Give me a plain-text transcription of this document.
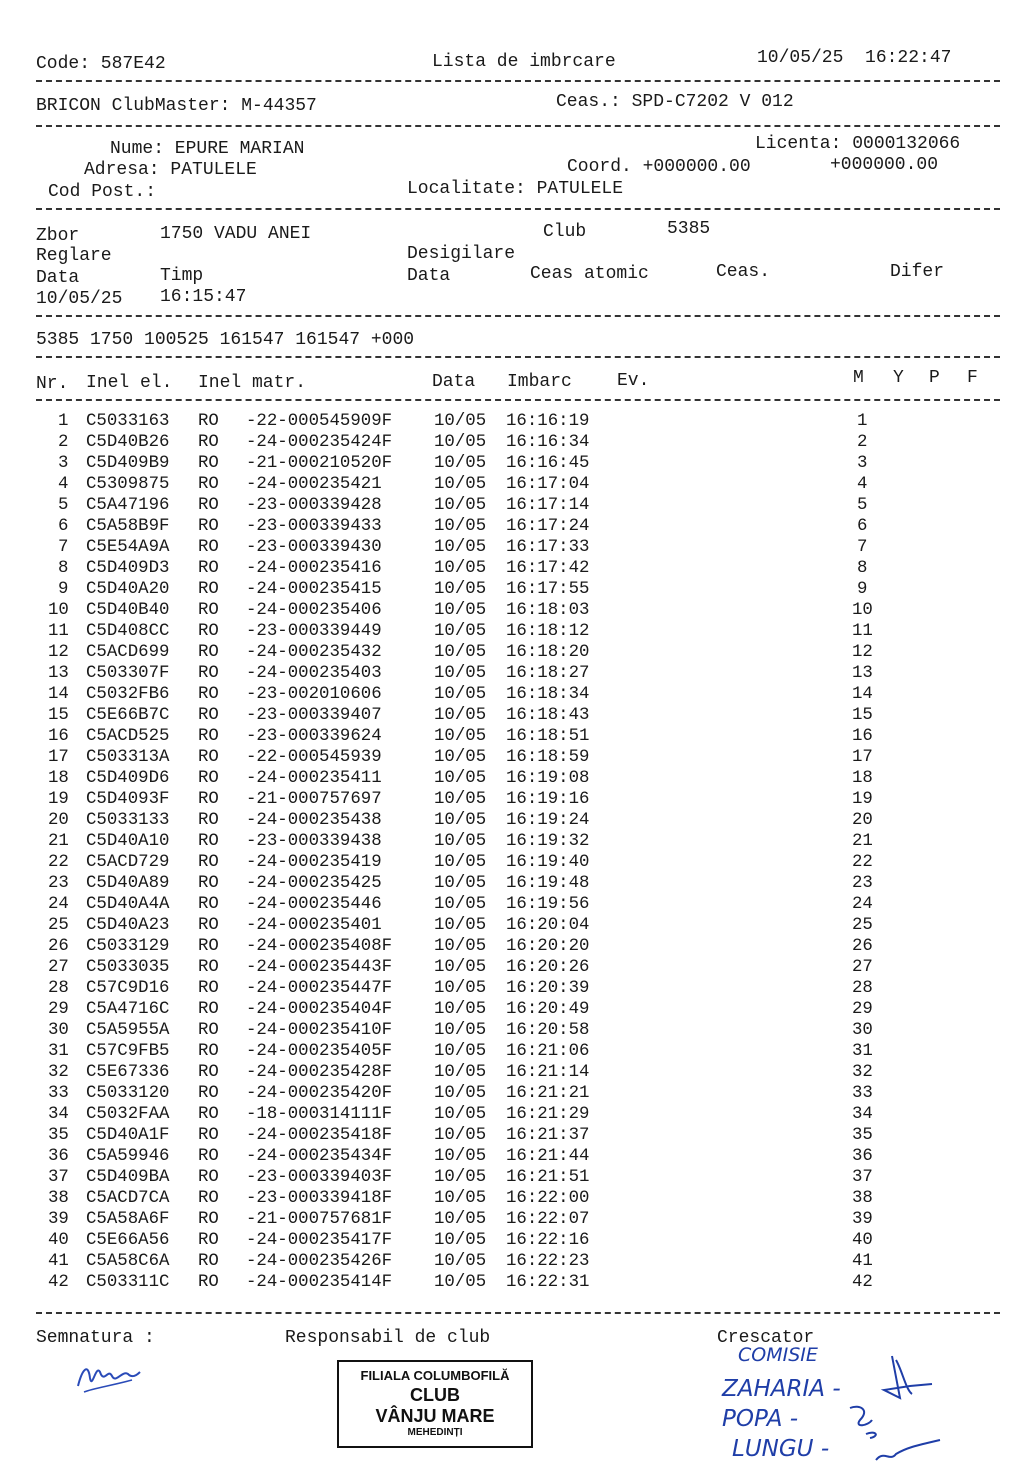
Code: 587E42	Lista de imbrcare	10/05/25  16:22:47
BRICON ClubMaster: M-44357	Ceas.: SPD-C7202 V 012
Nume: EPURE MARIAN	Licenta: 0000132066
Adresa: PATULELE	Coord. +000000.00	+000000.00
Cod Post.:	Localitate: PATULELE
Zbor	1750 VADU ANEI	Club	5385
Reglare	Desigilare
Data	Timp	Data	Ceas atomic	Ceas.	Difer
10/05/25 16:15:47
5385 1750 100525 161547 161547 +000
Nr. Inel el. Inel matr.	Data Imbarc	Ev.	M Y P F
1 C5033163 RO -22-000545909F 10/05 16:16:19	1
2 C5D40B26 RO -24-000235424F 10/05 16:16:34	2
3 C5D409B9 RO -21-000210520F 10/05 16:16:45	3
4 C5309875 RO -24-000235421	10/05 16:17:04	4
5 C5A47196 RO -23-000339428	10/05 16:17:14	5
6 C5A58B9F RO -23-000339433	10/05 16:17:24	6
7 C5E54A9A RO -23-000339430	10/05 16:17:33	7
8 C5D409D3 RO -24-000235416	10/05 16:17:42	8
9 C5D40A20 RO -24-000235415	10/05 16:17:55	9
10 C5D40B40 RO -24-000235406	10/05 16:18:03	10
11 C5D408CC RO -23-000339449	10/05 16:18:12	11
12 C5ACD699 RO -24-000235432	10/05 16:18:20	12
13 C503307F RO -24-000235403	10/05 16:18:27	13
14 C5032FB6 RO -23-002010606	10/05 16:18:34	14
15 C5E66B7C RO -23-000339407	10/05 16:18:43	15
16 C5ACD525 RO -23-000339624	10/05 16:18:51	16
17 C503313A RO -22-000545939	10/05 16:18:59	17
18 C5D409D6 RO -24-000235411	10/05 16:19:08	18
19 C5D4093F RO -21-000757697	10/05 16:19:16	19
20 C5033133 RO -24-000235438	10/05 16:19:24	20
21 C5D40A10 RO -23-000339438	10/05 16:19:32	21
22 C5ACD729 RO -24-000235419	10/05 16:19:40	22
23 C5D40A89 RO -24-000235425	10/05 16:19:48	23
24 C5D40A4A RO -24-000235446	10/05 16:19:56	24
25 C5D40A23 RO -24-000235401	10/05 16:20:04	25
26 C5033129 RO -24-000235408F 10/05 16:20:20	26
27 C5033035 RO -24-000235443F 10/05 16:20:26	27
28 C57C9D16 RO -24-000235447F 10/05 16:20:39	28
29 C5A4716C RO -24-000235404F 10/05 16:20:49	29
30 C5A5955A RO -24-000235410F 10/05 16:20:58	30
31 C57C9FB5 RO -24-000235405F 10/05 16:21:06	31
32 C5E67336 RO -24-000235428F 10/05 16:21:14	32
33 C5033120 RO -24-000235420F 10/05 16:21:21	33
34 C5032FAA RO -18-000314111F 10/05 16:21:29	34
35 C5D40A1F RO -24-000235418F 10/05 16:21:37	35
36 C5A59946 RO -24-000235434F 10/05 16:21:44	36
37 C5D409BA RO -23-000339403F 10/05 16:21:51	37
38 C5ACD7CA RO -23-000339418F 10/05 16:22:00	38
39 C5A58A6F RO -21-000757681F 10/05 16:22:07	39
40 C5E66A56 RO -24-000235417F 10/05 16:22:16	40
41 C5A58C6A RO -24-000235426F 10/05 16:22:23	41
42 C503311C RO -24-000235414F 10/05 16:22:31	42
Semnatura :	Responsabil de club	Crescator
FILIALA COLUMBOFILĂ
CLUB
VÂNJU MARE
MEHEDINȚI
COMISIE
ZAHARIA -
POPA -
LUNGU -
